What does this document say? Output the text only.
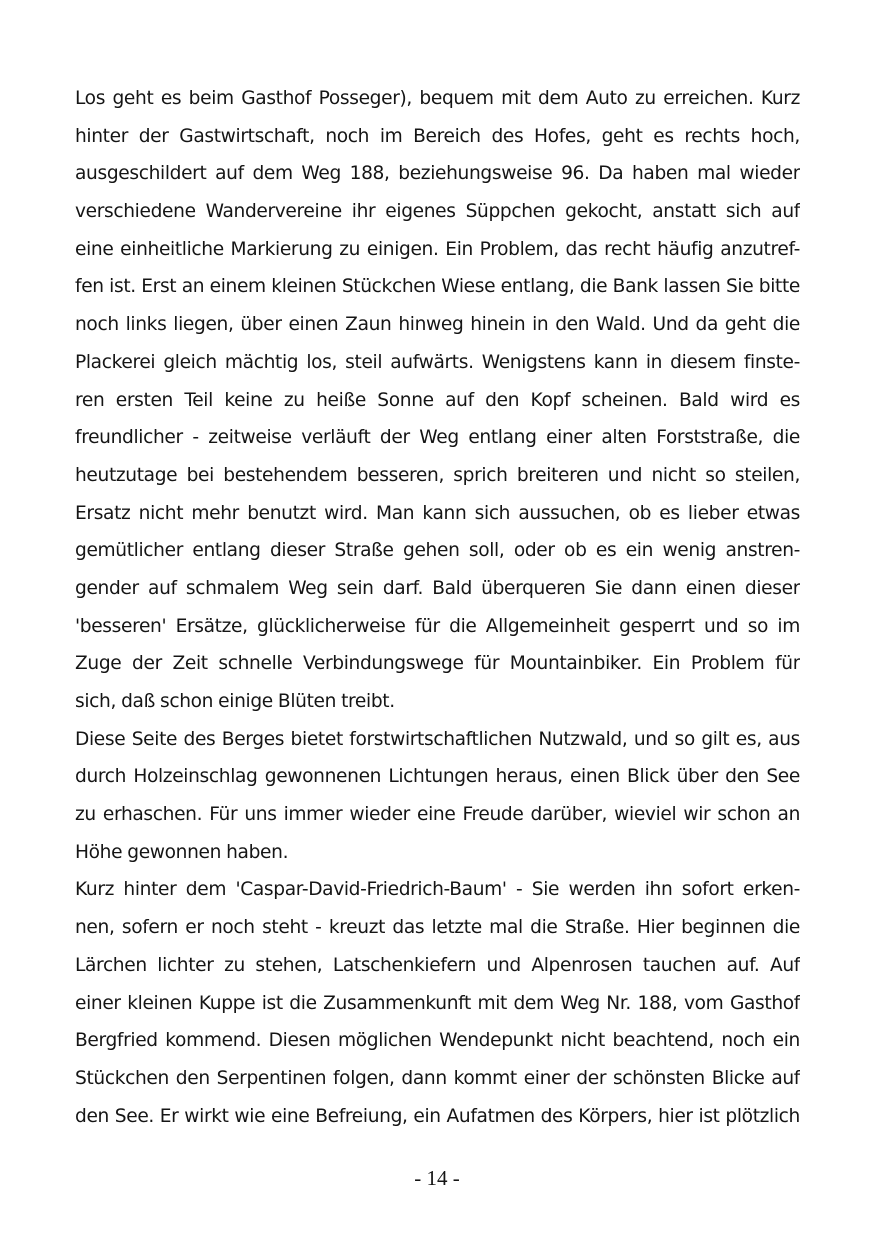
Los geht es beim Gasthof Posseger), bequem mit dem Auto zu erreichen. Kurz
hinter der Gastwirtschaft, noch im Bereich des Hofes, geht es rechts hoch,
ausgeschildert auf dem Weg 188, beziehungsweise 96. Da haben mal wieder
verschiedene Wandervereine ihr eigenes Süppchen gekocht, anstatt sich auf
eine einheitliche Markierung zu einigen. Ein Problem, das recht häufig anzutref-
fen ist. Erst an einem kleinen Stückchen Wiese entlang, die Bank lassen Sie bitte
noch links liegen, über einen Zaun hinweg hinein in den Wald. Und da geht die
Plackerei gleich mächtig los, steil aufwärts. Wenigstens kann in diesem finste-
ren ersten Teil keine zu heiße Sonne auf den Kopf scheinen. Bald wird es
freundlicher - zeitweise verläuft der Weg entlang einer alten Forststraße, die
heutzutage bei bestehendem besseren, sprich breiteren und nicht so steilen,
Ersatz nicht mehr benutzt wird. Man kann sich aussuchen, ob es lieber etwas
gemütlicher entlang dieser Straße gehen soll, oder ob es ein wenig anstren-
gender auf schmalem Weg sein darf. Bald überqueren Sie dann einen dieser
'besseren' Ersätze, glücklicherweise für die Allgemeinheit gesperrt und so im
Zuge der Zeit schnelle Verbindungswege für Mountainbiker. Ein Problem für
sich, daß schon einige Blüten treibt.
Diese Seite des Berges bietet forstwirtschaftlichen Nutzwald, und so gilt es, aus
durch Holzeinschlag gewonnenen Lichtungen heraus, einen Blick über den See
zu erhaschen. Für uns immer wieder eine Freude darüber, wieviel wir schon an
Höhe gewonnen haben.
Kurz hinter dem 'Caspar-David-Friedrich-Baum' - Sie werden ihn sofort erken-
nen, sofern er noch steht - kreuzt das letzte mal die Straße. Hier beginnen die
Lärchen lichter zu stehen, Latschenkiefern und Alpenrosen tauchen auf. Auf
einer kleinen Kuppe ist die Zusammenkunft mit dem Weg Nr. 188, vom Gasthof
Bergfried kommend. Diesen möglichen Wendepunkt nicht beachtend, noch ein
Stückchen den Serpentinen folgen, dann kommt einer der schönsten Blicke auf
den See. Er wirkt wie eine Befreiung, ein Aufatmen des Körpers, hier ist plötzlich
- 14 -
